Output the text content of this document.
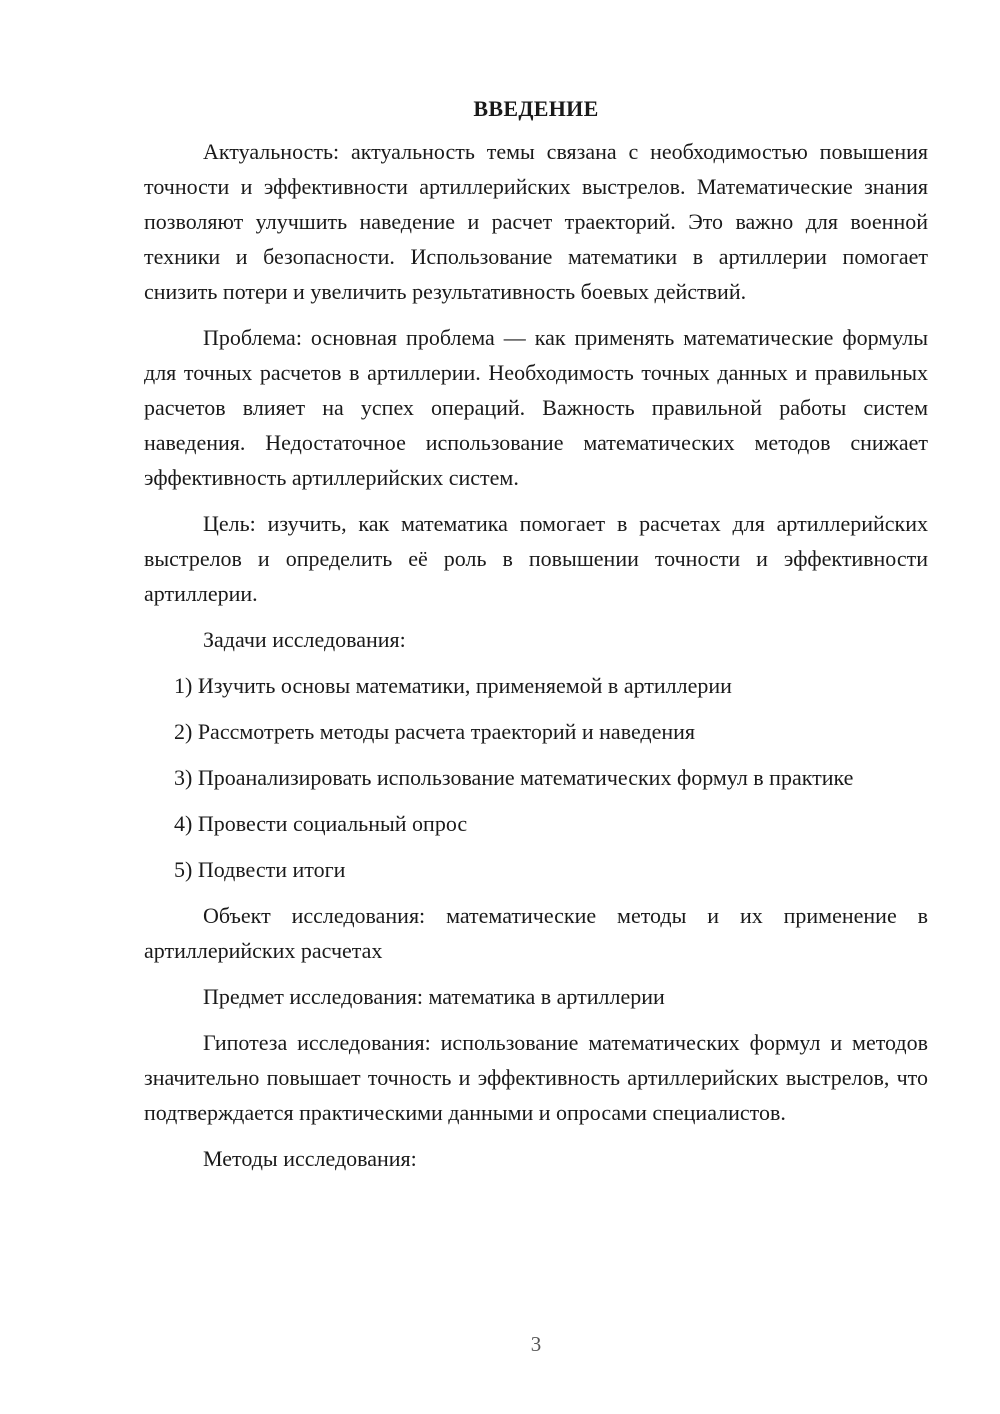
ВВЕДЕНИЕ

Актуальность: актуальность темы связана с необходимостью повышения точности и эффективности артиллерийских выстрелов. Математические знания позволяют улучшить наведение и расчет траекторий. Это важно для военной техники и безопасности. Использование математики в артиллерии помогает снизить потери и увеличить результативность боевых действий.

Проблема: основная проблема — как применять математические формулы для точных расчетов в артиллерии. Необходимость точных данных и правильных расчетов влияет на успех операций. Важность правильной работы систем наведения. Недостаточное использование математических методов снижает эффективность артиллерийских систем.

Цель: изучить, как математика помогает в расчетах для артиллерийских выстрелов и определить её роль в повышении точности и эффективности артиллерии.

Задачи исследования:

1) Изучить основы математики, применяемой в артиллерии

2) Рассмотреть методы расчета траекторий и наведения

3) Проанализировать использование математических формул в практике

4) Провести социальный опрос

5) Подвести итоги

Объект исследования: математические методы и их применение в артиллерийских расчетах

Предмет исследования: математика в артиллерии

Гипотеза исследования: использование математических формул и методов значительно повышает точность и эффективность артиллерийских выстрелов, что подтверждается практическими данными и опросами специалистов.

Методы исследования:

3
